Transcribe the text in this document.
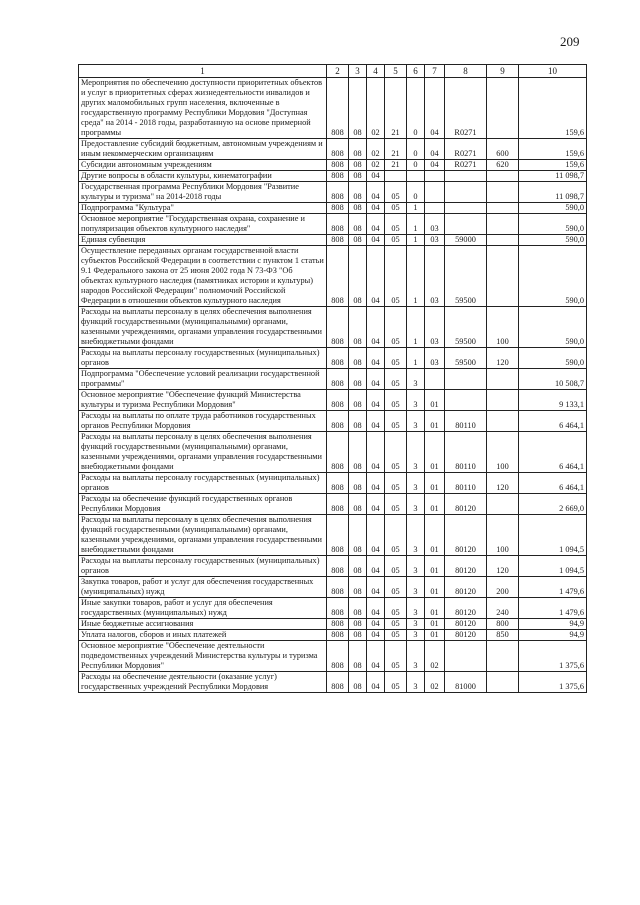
209
1	2	3	4	5	6	7	8	9	10
Мероприятия по обеспечению доступности приоритетных объектов и услуг в приоритетных сферах жизнедеятельности инвалидов и других маломобильных групп населения, включенные в государственную программу Республики Мордовия "Доступная среда" на 2014 - 2018 годы, разработанную на основе примерной программы	808	08	02	21	0	04	R0271		159,6
Предоставление субсидий бюджетным, автономным учреждениям и иным некоммерческим организациям	808	08	02	21	0	04	R0271	600	159,6
Субсидии автономным учреждениям	808	08	02	21	0	04	R0271	620	159,6
Другие вопросы в области культуры, кинематографии	808	08	04						11 098,7
Государственная программа Республики Мордовия "Развитие культуры и туризма" на 2014-2018 годы	808	08	04	05	0				11 098,7
Подпрограмма "Культура"	808	08	04	05	1				590,0
Основное мероприятие "Государственная охрана, сохранение и популяризация объектов культурного наследия"	808	08	04	05	1	03			590,0
Единая субвенция	808	08	04	05	1	03	59000		590,0
Осуществление переданных органам государственной власти субъектов Российской Федерации в соответствии с пунктом 1 статьи 9.1 Федерального закона от 25 июня 2002 года N 73-ФЗ "Об объектах культурного наследия (памятниках истории и культуры) народов Российской Федерации" полномочий Российской Федерации в отношении объектов культурного наследия	808	08	04	05	1	03	59500		590,0
Расходы на выплаты персоналу в целях обеспечения выполнения функций государственными (муниципальными) органами, казенными учреждениями, органами управления государственными внебюджетными фондами	808	08	04	05	1	03	59500	100	590,0
Расходы на выплаты персоналу государственных (муниципальных) органов	808	08	04	05	1	03	59500	120	590,0
Подпрограмма "Обеспечение условий реализации государственной программы"	808	08	04	05	3				10 508,7
Основное мероприятие "Обеспечение функций Министерства культуры и туризма Республики Мордовия"	808	08	04	05	3	01			9 133,1
Расходы на выплаты по оплате труда работников государственных органов Республики Мордовия	808	08	04	05	3	01	80110		6 464,1
Расходы на выплаты персоналу в целях обеспечения выполнения функций государственными (муниципальными) органами, казенными учреждениями, органами управления государственными внебюджетными фондами	808	08	04	05	3	01	80110	100	6 464,1
Расходы на выплаты персоналу государственных (муниципальных) органов	808	08	04	05	3	01	80110	120	6 464,1
Расходы на обеспечение функций государственных органов Республики Мордовия	808	08	04	05	3	01	80120		2 669,0
Расходы на выплаты персоналу в целях обеспечения выполнения функций государственными (муниципальными) органами, казенными учреждениями, органами управления государственными внебюджетными фондами	808	08	04	05	3	01	80120	100	1 094,5
Расходы на выплаты персоналу государственных (муниципальных) органов	808	08	04	05	3	01	80120	120	1 094,5
Закупка товаров, работ и услуг для обеспечения государственных (муниципальных) нужд	808	08	04	05	3	01	80120	200	1 479,6
Иные закупки товаров, работ и услуг для обеспечения государственных (муниципальных) нужд	808	08	04	05	3	01	80120	240	1 479,6
Иные бюджетные ассигнования	808	08	04	05	3	01	80120	800	94,9
Уплата налогов, сборов и иных платежей	808	08	04	05	3	01	80120	850	94,9
Основное мероприятие "Обеспечение деятельности подведомственных учреждений Министерства культуры и туризма Республики Мордовия"	808	08	04	05	3	02			1 375,6
Расходы на обеспечение деятельности (оказание услуг) государственных учреждений Республики Мордовия	808	08	04	05	3	02	81000		1 375,6
